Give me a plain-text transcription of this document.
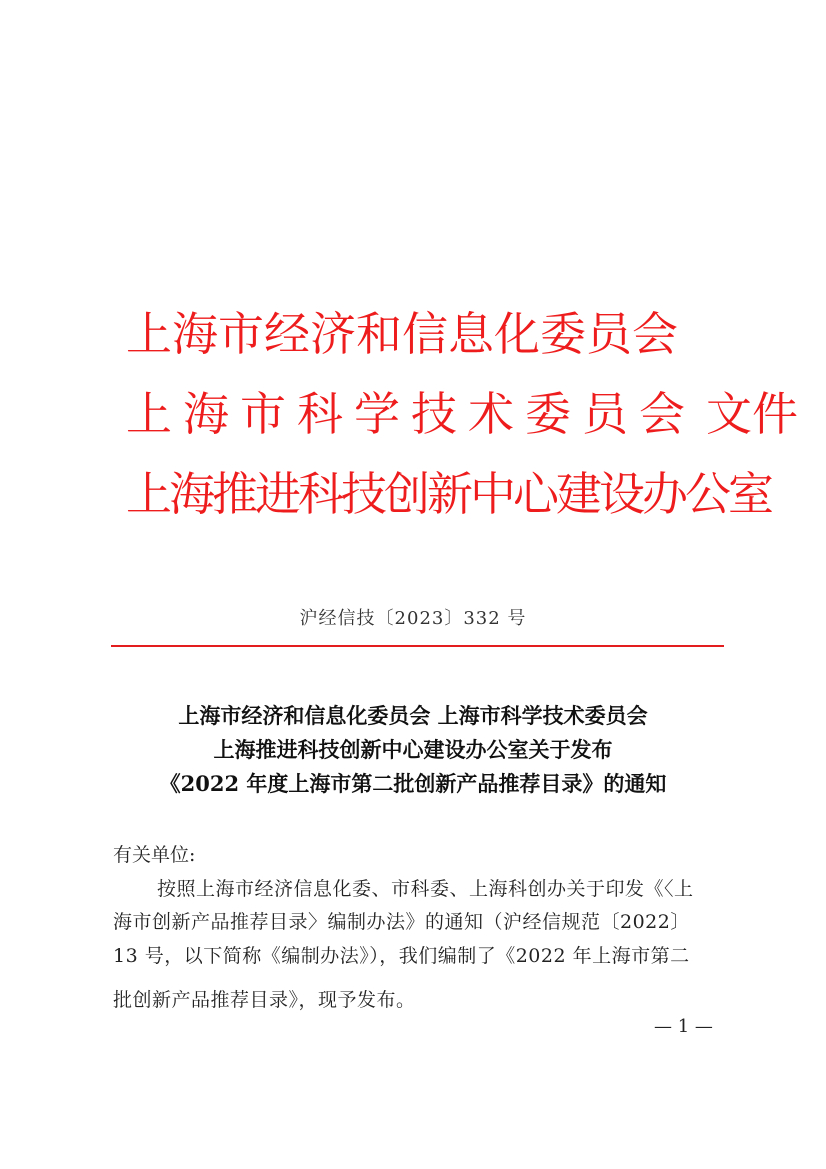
上海市经济和信息化委员会
上海市科学技术委员会 文件
上海推进科技创新中心建设办公室
沪经信技〔2023〕332 号
上海市经济和信息化委员会 上海市科学技术委员会
上海推进科技创新中心建设办公室关于发布
《2022 年度上海市第二批创新产品推荐目录》的通知
有关单位:
按照上海市经济信息化委、市科委、上海科创办关于印发《〈上
海市创新产品推荐目录〉编制办法》的通知（沪经信规范〔2022〕
13 号，以下简称《编制办法》），我们编制了《2022 年上海市第二
批创新产品推荐目录》，现予发布。
— 1 —
